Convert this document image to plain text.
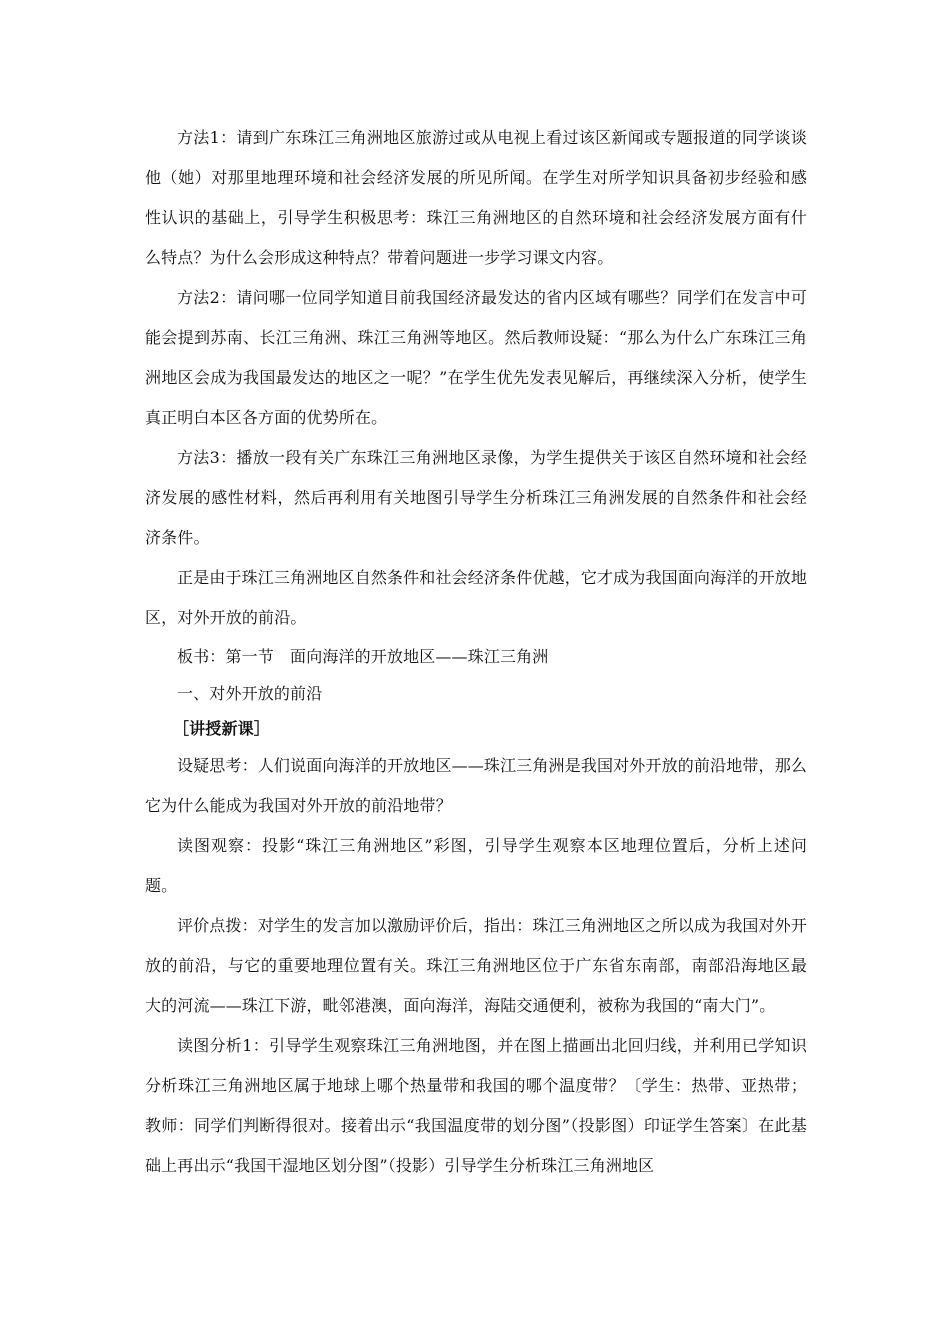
方法1：请到广东珠江三角洲地区旅游过或从电视上看过该区新闻或专题报道的同学谈谈他（她）对那里地理环境和社会经济发展的所见所闻。在学生对所学知识具备初步经验和感性认识的基础上，引导学生积极思考：珠江三角洲地区的自然环境和社会经济发展方面有什么特点？为什么会形成这种特点？带着问题进一步学习课文内容。

方法2：请问哪一位同学知道目前我国经济最发达的省内区域有哪些？同学们在发言中可能会提到苏南、长江三角洲、珠江三角洲等地区。然后教师设疑：“那么为什么广东珠江三角洲地区会成为我国最发达的地区之一呢？”在学生优先发表见解后，再继续深入分析，使学生真正明白本区各方面的优势所在。

方法3：播放一段有关广东珠江三角洲地区录像，为学生提供关于该区自然环境和社会经济发展的感性材料，然后再利用有关地图引导学生分析珠江三角洲发展的自然条件和社会经济条件。

正是由于珠江三角洲地区自然条件和社会经济条件优越，它才成为我国面向海洋的开放地区，对外开放的前沿。

板书：第一节　面向海洋的开放地区——珠江三角洲

一、对外开放的前沿

［讲授新课］

设疑思考：人们说面向海洋的开放地区——珠江三角洲是我国对外开放的前沿地带，那么它为什么能成为我国对外开放的前沿地带？

读图观察：投影“珠江三角洲地区”彩图，引导学生观察本区地理位置后，分析上述问题。

评价点拨：对学生的发言加以激励评价后，指出：珠江三角洲地区之所以成为我国对外开放的前沿，与它的重要地理位置有关。珠江三角洲地区位于广东省东南部，南部沿海地区最大的河流——珠江下游，毗邻港澳，面向海洋，海陆交通便利，被称为我国的“南大门”。

读图分析1：引导学生观察珠江三角洲地图，并在图上描画出北回归线，并利用已学知识分析珠江三角洲地区属于地球上哪个热量带和我国的哪个温度带？〔学生：热带、亚热带；教师：同学们判断得很对。接着出示“我国温度带的划分图”（投影图）印证学生答案〕在此基础上再出示“我国干湿地区划分图”（投影）引导学生分析珠江三角洲地区
